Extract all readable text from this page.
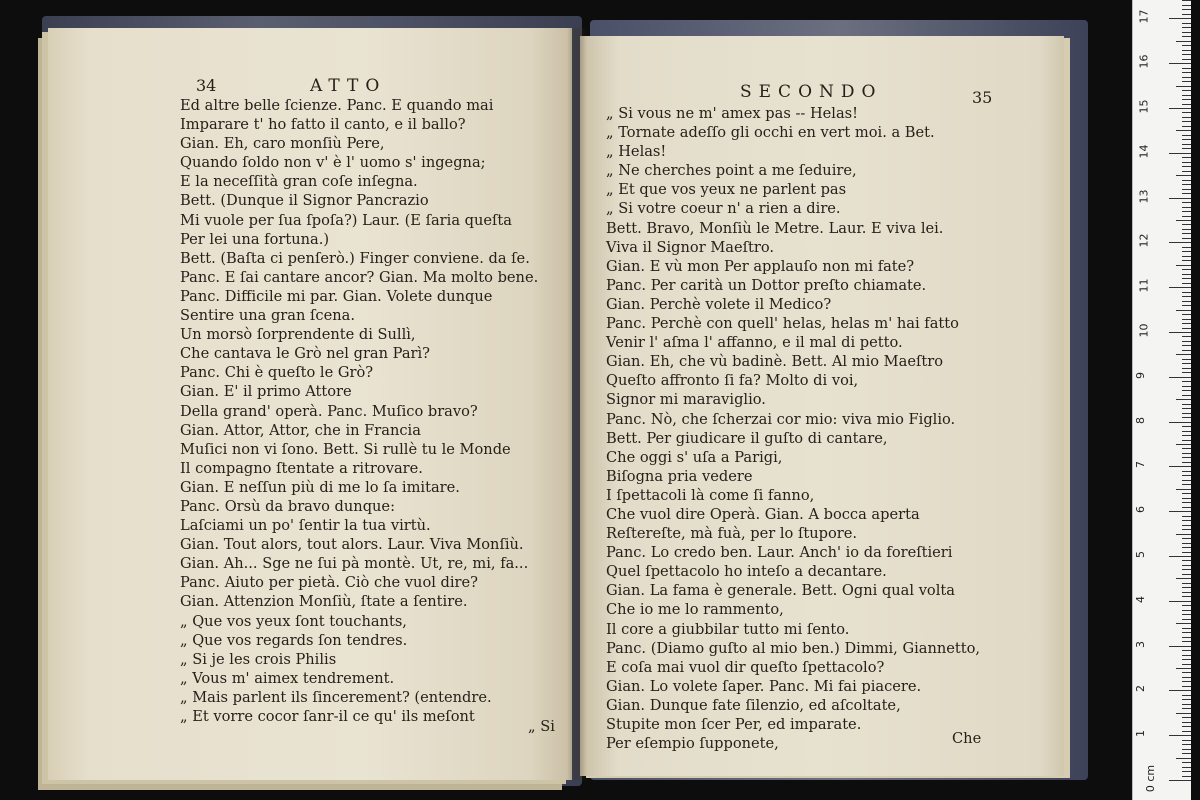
34	ATTO
Ed altre belle ſcienze. Panc. E quando mai
Imparare t' ho fatto il canto, e il ballo?
Gian. Eh, caro monſiù Pere,
Quando ſoldo non v' è l' uomo s' ingegna;
E la neceſſità gran coſe inſegna.
Bett. (Dunque il Signor Pancrazio
Mi vuole per ſua ſpoſa?) Laur. (E ſaria queſta
Per lei una fortuna.)
Bett. (Baſta ci penſerò.) Finger conviene. da ſe.
Panc. E ſai cantare ancor? Gian. Ma molto bene.
Panc. Difficile mi par. Gian. Volete dunque
Sentire una gran ſcena.
Un morsò ſorprendente di Sullì,
Che cantava le Grò nel gran Parì?
Panc. Chi è queſto le Grò?
Gian. E' il primo Attore
Della grand' operà. Panc. Muſico bravo?
Gian. Attor, Attor, che in Francia
Muſici non vi ſono. Bett. Si rullè tu le Monde
Il compagno ſtentate a ritrovare.
Gian. E neſſun più di me lo ſa imitare.
Panc. Orsù da bravo dunque:
Laſciami un po' ſentir la tua virtù.
Gian. Tout alors, tout alors. Laur. Viva Monſiù.
Gian. Ah... Sge ne ſui pà montè. Ut, re, mi, fa...
Panc. Aiuto per pietà. Ciò che vuol dire?
Gian. Attenzion Monſiù, ſtate a ſentire.
„ Que vos yeux ſont touchants,
„ Que vos regards ſon tendres.
„ Si je les crois Philis
„ Vous m' aimex tendrement.
„ Mais parlent ils ſincerement? (entendre.
„ Et vorre cocor ſanr-il ce qu' ils meſont
„ Si
SECONDO	35
„ Si vous ne m' amex pas -- Helas!
„ Tornate adeſſo gli occhi en vert moi. a Bet.
„ Helas!
„ Ne cherches point a me ſeduire,
„ Et que vos yeux ne parlent pas
„ Si votre coeur n' a rien a dire.
Bett. Bravo, Monſiù le Metre. Laur. E viva lei.
Viva il Signor Maeſtro.
Gian. E vù mon Per applauſo non mi fate?
Panc. Per carità un Dottor preſto chiamate.
Gian. Perchè volete il Medico?
Panc. Perchè con quell' helas, helas m' hai fatto
Venir l' aſma l' affanno, e il mal di petto.
Gian. Eh, che vù badinè. Bett. Al mio Maeſtro
Queſto affronto ſi fa? Molto di voi,
Signor mi maraviglio.
Panc. Nò, che ſcherzai cor mio: viva mio Figlio.
Bett. Per giudicare il guſto di cantare,
Che oggi s' uſa a Parigi,
Biſogna pria vedere
I ſpettacoli là come ſi fanno,
Che vuol dire Operà. Gian. A bocca aperta
Reſtereſte, mà fuà, per lo ſtupore.
Panc. Lo credo ben. Laur. Anch' io da foreſtieri
Quel ſpettacolo ho inteſo a decantare.
Gian. La fama è generale. Bett. Ogni qual volta
Che io me lo rammento,
Il core a giubbilar tutto mi ſento.
Panc. (Diamo guſto al mio ben.) Dimmi, Giannetto,
E coſa mai vuol dir queſto ſpettacolo?
Gian. Lo volete ſaper. Panc. Mi fai piacere.
Gian. Dunque fate ſilenzio, ed aſcoltate,
Stupite mon ſcer Per, ed imparate.
Per eſempio ſupponete,	Che
0 cm
1
2
3
4
5
6
7
8
9
10
11
12
13
14
15
16
17
